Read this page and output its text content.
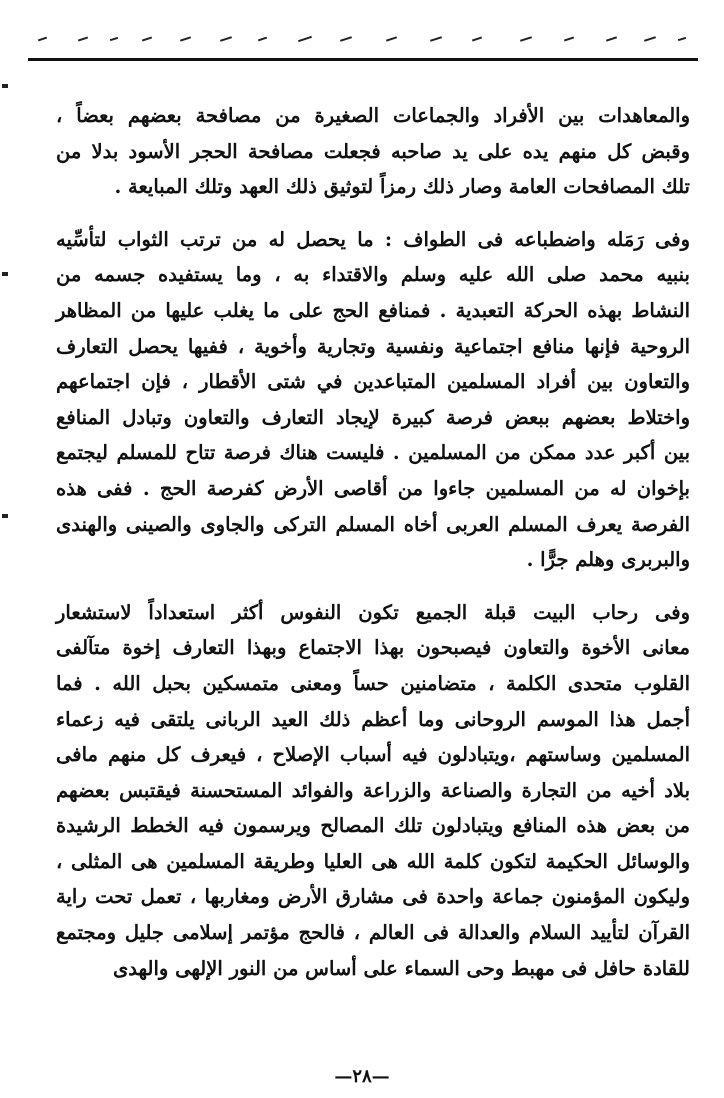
والمعاهدات بين الأفراد والجماعات الصغيرة من مصافحة بعضهم بعضاً ،
وقبض كل منهم يده على يد صاحبه فجعلت مصافحة الحجر الأسود بدلا من
تلك المصافحات العامة وصار ذلك رمزاً لتوثيق ذلك العهد وتلك المبايعة .
وفى رَمَله واضطباعه فى الطواف : ما يحصل له من ترتب الثواب لتأسِّيه
بنبيه محمد صلى الله عليه وسلم والاقتداء به ، وما يستفيده جسمه من
النشاط بهذه الحركة التعبدية . فمنافع الحج على ما يغلب عليها من المظاهر
الروحية فإنها منافع اجتماعية ونفسية وتجارية وأخوية ، ففيها يحصل التعارف
والتعاون بين أفراد المسلمين المتباعدين في شتى الأقطار ، فإن اجتماعهم
واختلاط بعضهم ببعض فرصة كبيرة لإيجاد التعارف والتعاون وتبادل المنافع
بين أكبر عدد ممكن من المسلمين . فليست هناك فرصة تتاح للمسلم ليجتمع
بإخوان له من المسلمين جاءوا من أقاصى الأرض كفرصة الحج . ففى هذه
الفرصة يعرف المسلم العربى أخاه المسلم التركى والجاوى والصينى والهندى
والبربرى وهلم جرًّا .
وفى رحاب البيت قبلة الجميع تكون النفوس أكثر استعداداً لاستشعار
معانى الأخوة والتعاون فيصبحون بهذا الاجتماع وبهذا التعارف إخوة متآلفى
القلوب متحدى الكلمة ، متضامنين حساً ومعنى متمسكين بحبل الله . فما
أجمل هذا الموسم الروحانى وما أعظم ذلك العيد الربانى يلتقى فيه زعماء
المسلمين وساستهم ،ويتبادلون فيه أسباب الإصلاح ، فيعرف كل منهم مافى
بلاد أخيه من التجارة والصناعة والزراعة والفوائد المستحسنة فيقتبس بعضهم
من بعض هذه المنافع ويتبادلون تلك المصالح ويرسمون فيه الخطط الرشيدة
والوسائل الحكيمة لتكون كلمة الله هى العليا وطريقة المسلمين هى المثلى ،
وليكون المؤمنون جماعة واحدة فى مشارق الأرض ومغاربها ، تعمل تحت راية
القرآن لتأييد السلام والعدالة فى العالم ، فالحج مؤتمر إسلامى جليل ومجتمع
للقادة حافل فى مهبط وحى السماء على أساس من النور الإلهى والهدى
—٢٨—
